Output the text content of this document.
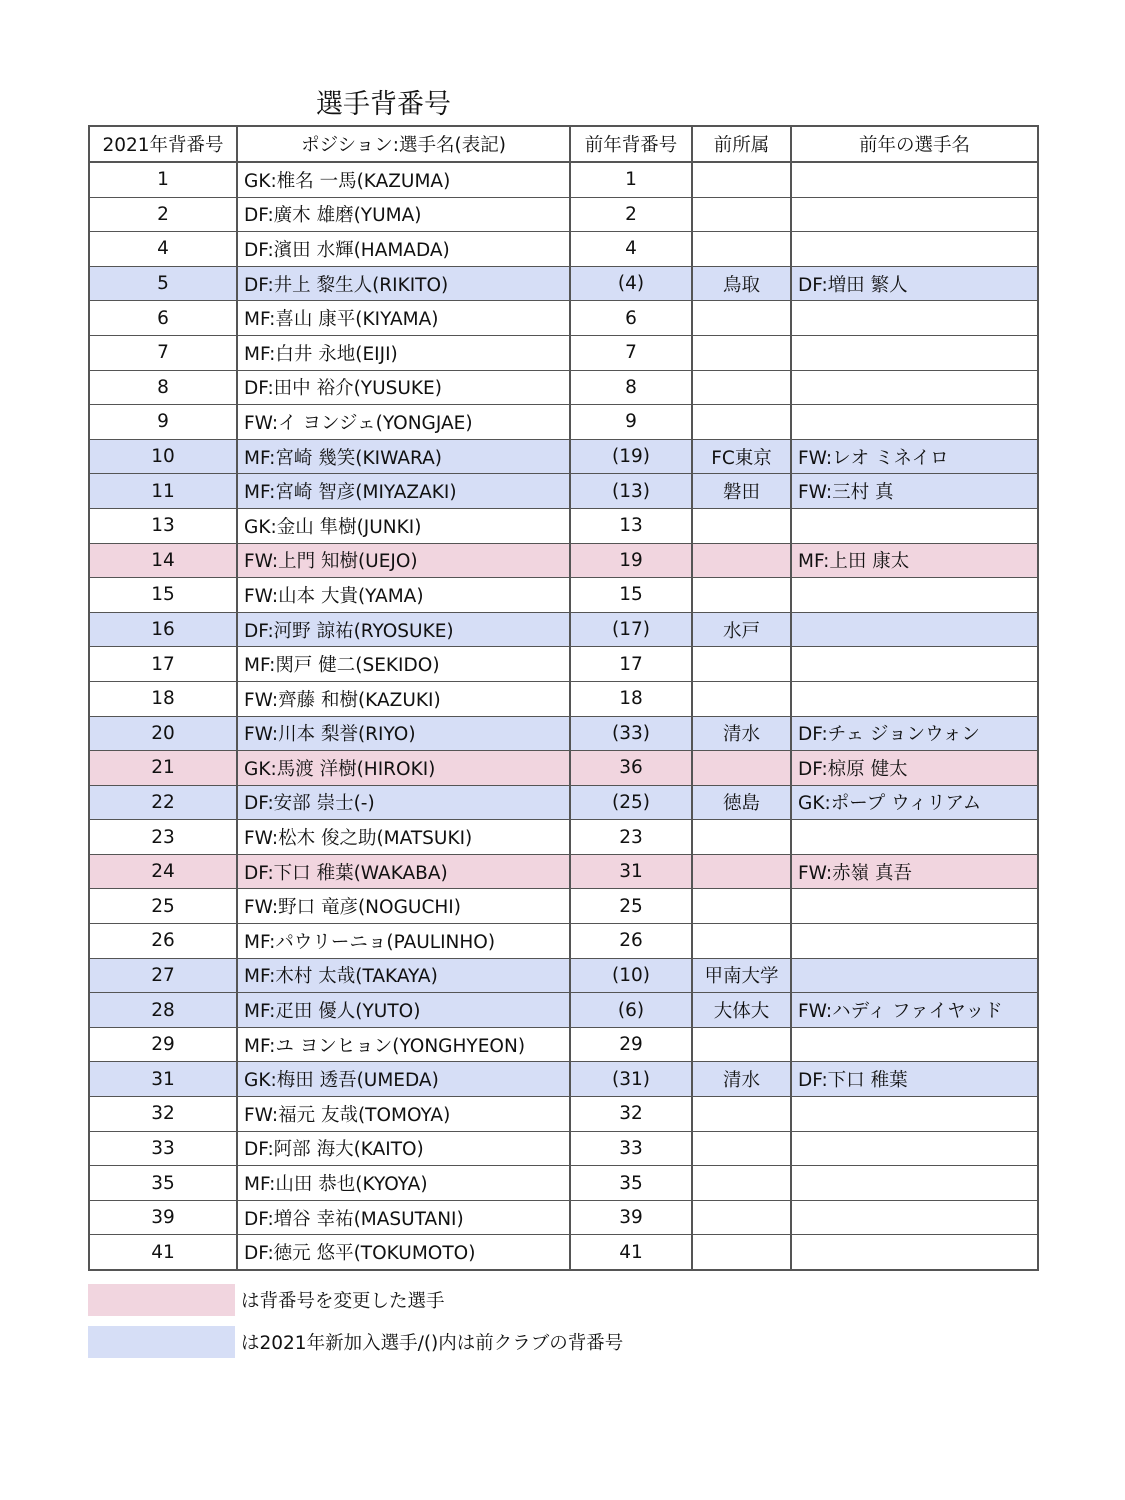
選手背番号
2021年背番号	ポジション:選手名(表記)	前年背番号	前所属	前年の選手名
1	GK:椎名 一馬(KAZUMA)	1		
2	DF:廣木 雄磨(YUMA)	2		
4	DF:濱田 水輝(HAMADA)	4		
5	DF:井上 黎生人(RIKITO)	(4)	鳥取	DF:増田 繁人
6	MF:喜山 康平(KIYAMA)	6		
7	MF:白井 永地(EIJI)	7		
8	DF:田中 裕介(YUSUKE)	8		
9	FW:イ ヨンジェ(YONGJAE)	9		
10	MF:宮崎 幾笑(KIWARA)	(19)	FC東京	FW:レオ ミネイロ
11	MF:宮崎 智彦(MIYAZAKI)	(13)	磐田	FW:三村 真
13	GK:金山 隼樹(JUNKI)	13		
14	FW:上門 知樹(UEJO)	19		MF:上田 康太
15	FW:山本 大貴(YAMA)	15		
16	DF:河野 諒祐(RYOSUKE)	(17)	水戸	
17	MF:関戸 健二(SEKIDO)	17		
18	FW:齊藤 和樹(KAZUKI)	18		
20	FW:川本 梨誉(RIYO)	(33)	清水	DF:チェ ジョンウォン
21	GK:馬渡 洋樹(HIROKI)	36		DF:椋原 健太
22	DF:安部 崇士(-)	(25)	徳島	GK:ポープ ウィリアム
23	FW:松木 俊之助(MATSUKI)	23		
24	DF:下口 稚葉(WAKABA)	31		FW:赤嶺 真吾
25	FW:野口 竜彦(NOGUCHI)	25		
26	MF:パウリーニョ(PAULINHO)	26		
27	MF:木村 太哉(TAKAYA)	(10)	甲南大学	
28	MF:疋田 優人(YUTO)	(6)	大体大	FW:ハディ ファイヤッド
29	MF:ユ ヨンヒョン(YONGHYEON)	29		
31	GK:梅田 透吾(UMEDA)	(31)	清水	DF:下口 稚葉
32	FW:福元 友哉(TOMOYA)	32		
33	DF:阿部 海大(KAITO)	33		
35	MF:山田 恭也(KYOYA)	35		
39	DF:増谷 幸祐(MASUTANI)	39		
41	DF:徳元 悠平(TOKUMOTO)	41		
は背番号を変更した選手
は2021年新加入選手/()内は前クラブの背番号
